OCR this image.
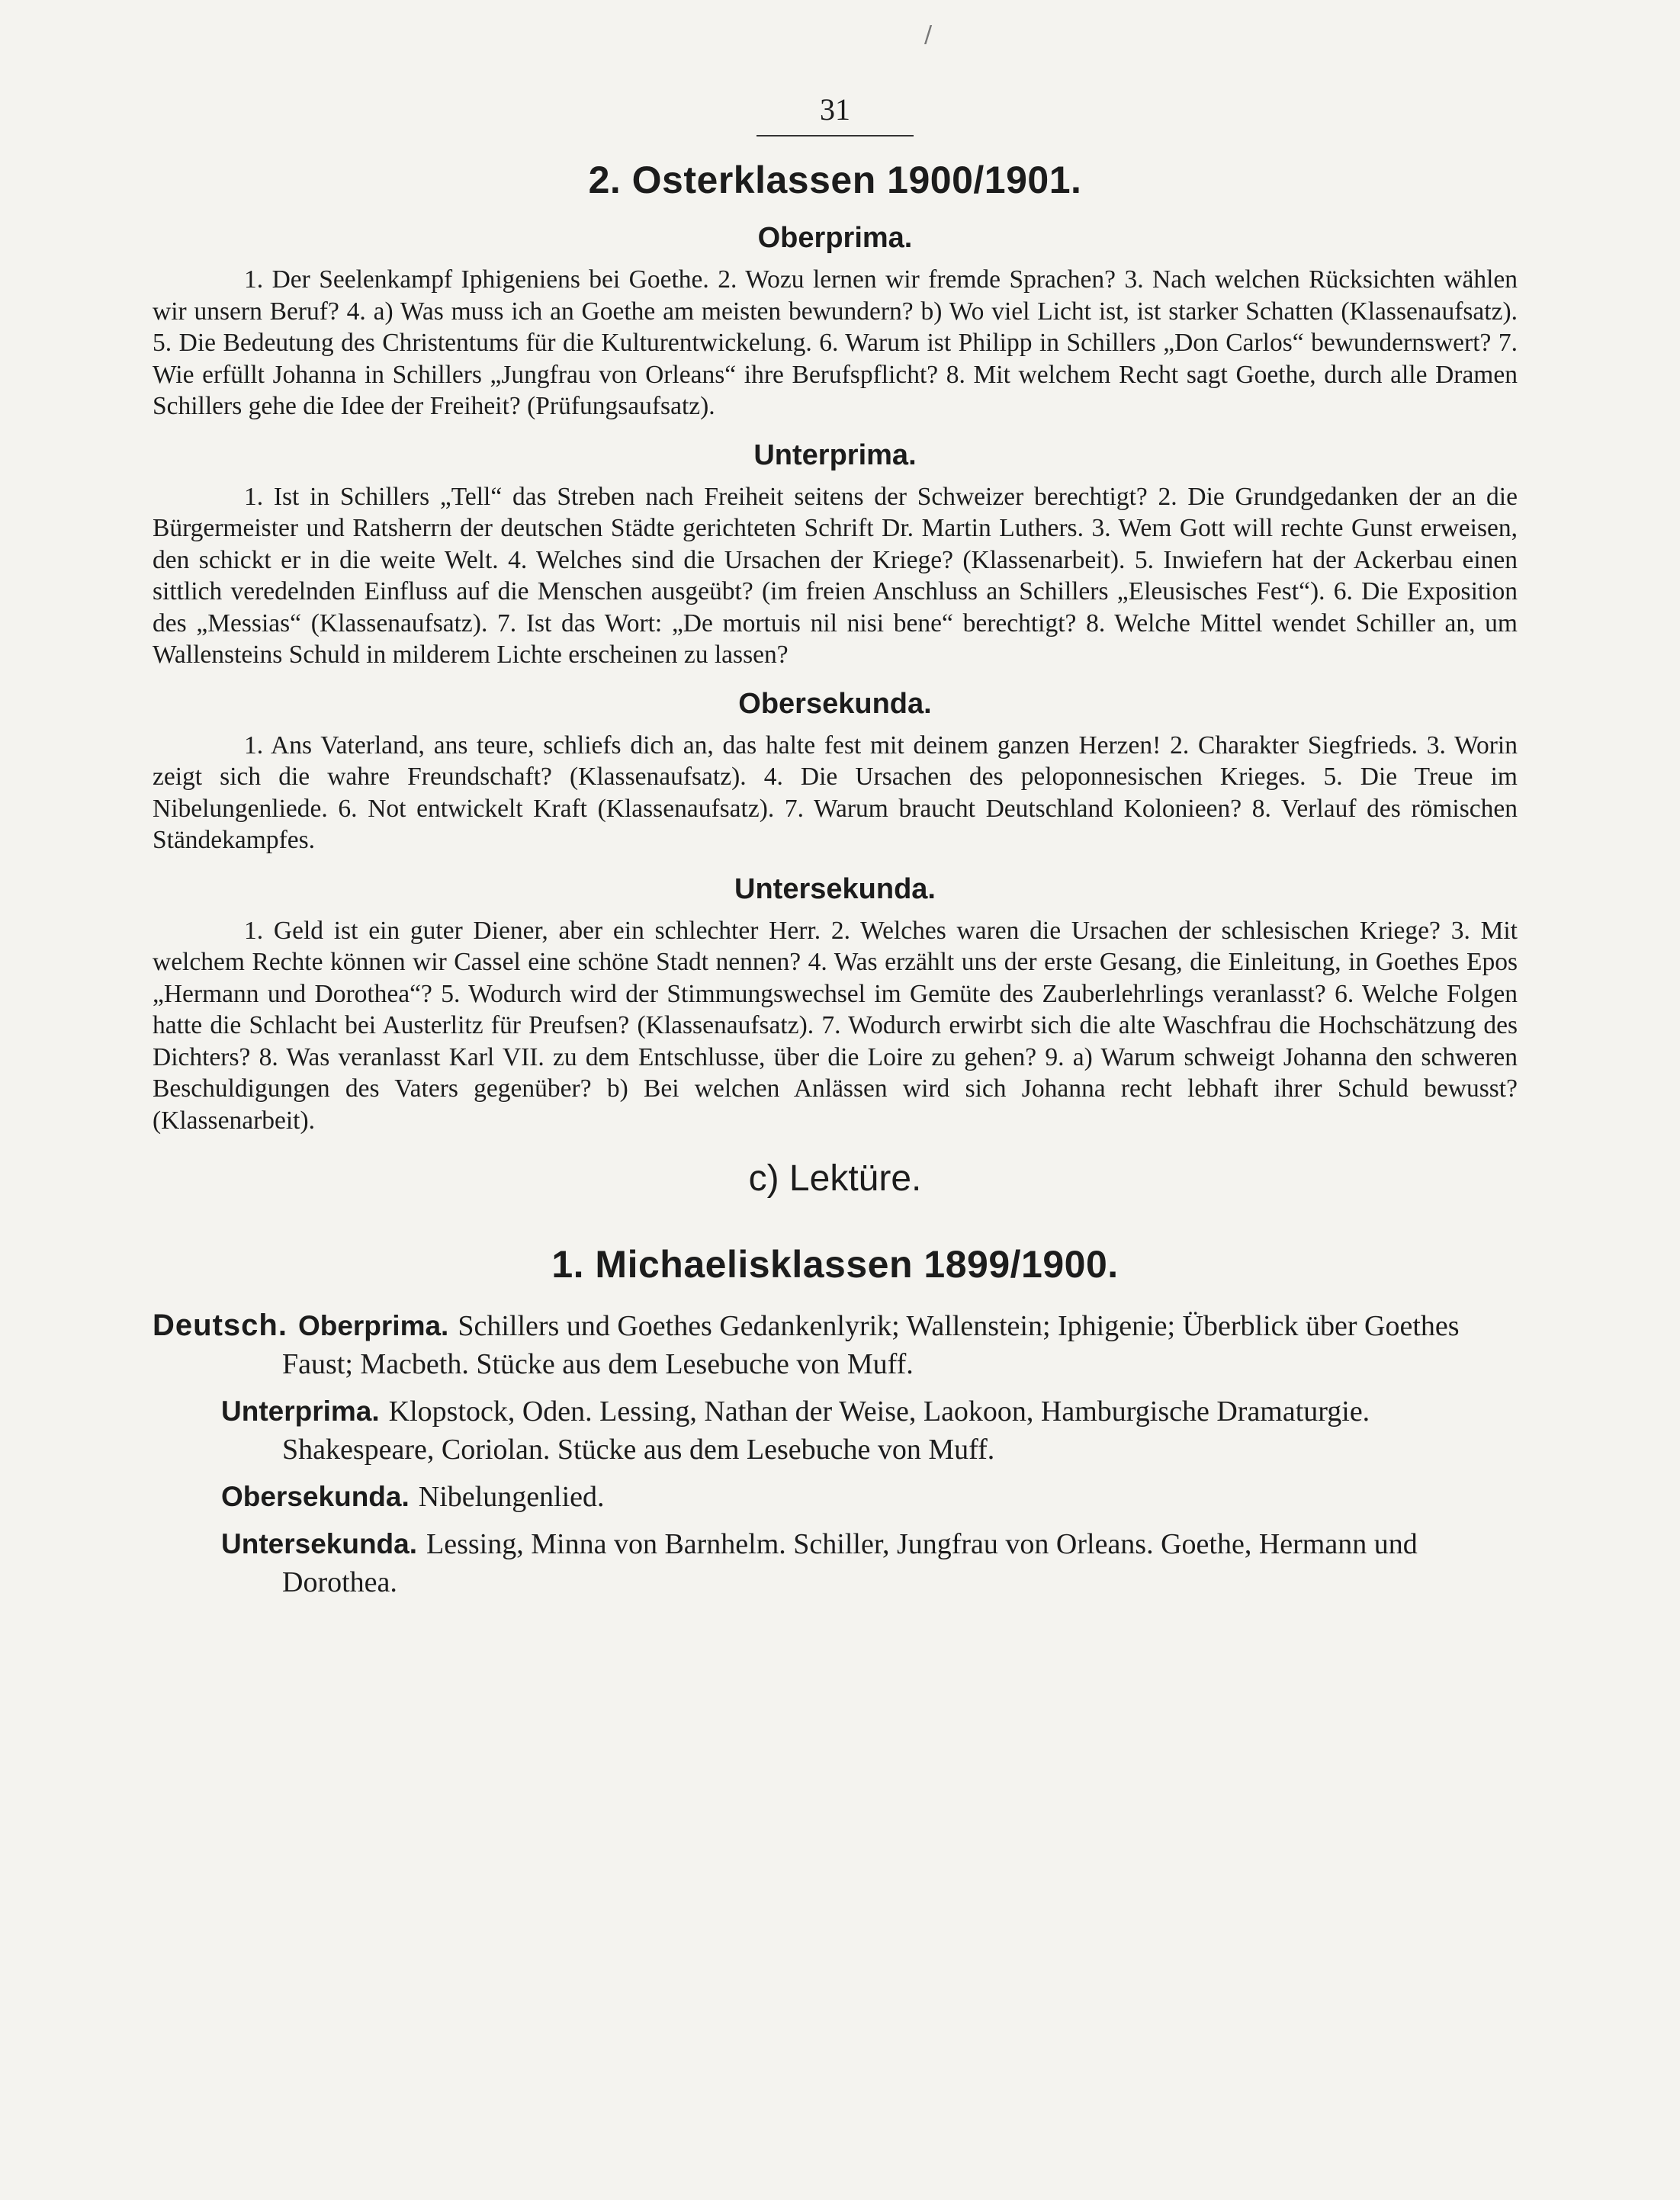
/
31
2. Osterklassen 1900/1901.
Oberprima.

1. Der Seelenkampf Iphigeniens bei Goethe. 2. Wozu lernen wir fremde Sprachen? 3. Nach welchen Rücksichten wählen wir unsern Beruf? 4. a) Was muss ich an Goethe am meisten bewundern? b) Wo viel Licht ist, ist starker Schatten (Klassenaufsatz). 5. Die Bedeutung des Christentums für die Kulturentwickelung. 6. Warum ist Philipp in Schillers „Don Carlos“ bewundernswert? 7. Wie erfüllt Johanna in Schillers „Jungfrau von Orleans“ ihre Berufspflicht? 8. Mit welchem Recht sagt Goethe, durch alle Dramen Schillers gehe die Idee der Freiheit? (Prüfungsaufsatz).

Unterprima.

1. Ist in Schillers „Tell“ das Streben nach Freiheit seitens der Schweizer berechtigt? 2. Die Grundgedanken der an die Bürgermeister und Ratsherrn der deutschen Städte gerichteten Schrift Dr. Martin Luthers. 3. Wem Gott will rechte Gunst erweisen, den schickt er in die weite Welt. 4. Welches sind die Ursachen der Kriege? (Klassenarbeit). 5. Inwiefern hat der Ackerbau einen sittlich veredelnden Einfluss auf die Menschen ausgeübt? (im freien Anschluss an Schillers „Eleusisches Fest“). 6. Die Exposition des „Messias“ (Klassenaufsatz). 7. Ist das Wort: „De mortuis nil nisi bene“ berechtigt? 8. Welche Mittel wendet Schiller an, um Wallensteins Schuld in milderem Lichte erscheinen zu lassen?

Obersekunda.

1. Ans Vaterland, ans teure, schliefs dich an, das halte fest mit deinem ganzen Herzen! 2. Charakter Siegfrieds. 3. Worin zeigt sich die wahre Freundschaft? (Klassenaufsatz). 4. Die Ursachen des peloponnesischen Krieges. 5. Die Treue im Nibelungenliede. 6. Not entwickelt Kraft (Klassenaufsatz). 7. Warum braucht Deutschland Kolonieen? 8. Verlauf des römischen Ständekampfes.

Untersekunda.

1. Geld ist ein guter Diener, aber ein schlechter Herr. 2. Welches waren die Ursachen der schlesischen Kriege? 3. Mit welchem Rechte können wir Cassel eine schöne Stadt nennen? 4. Was erzählt uns der erste Gesang, die Einleitung, in Goethes Epos „Hermann und Dorothea“? 5. Wodurch wird der Stimmungswechsel im Gemüte des Zauberlehrlings veranlasst? 6. Welche Folgen hatte die Schlacht bei Austerlitz für Preufsen? (Klassenaufsatz). 7. Wodurch erwirbt sich die alte Waschfrau die Hochschätzung des Dichters? 8. Was veranlasst Karl VII. zu dem Entschlusse, über die Loire zu gehen? 9. a) Warum schweigt Johanna den schweren Beschuldigungen des Vaters gegenüber? b) Bei welchen Anlässen wird sich Johanna recht lebhaft ihrer Schuld bewusst? (Klassenarbeit).

c) Lektüre.
1. Michaelisklassen 1899/1900.
Deutsch. Oberprima. Schillers und Goethes Gedankenlyrik; Wallenstein; Iphigenie; Überblick über Goethes Faust; Macbeth. Stücke aus dem Lesebuche von Muff.
Unterprima. Klopstock, Oden. Lessing, Nathan der Weise, Laokoon, Hamburgische Dramaturgie. Shakespeare, Coriolan. Stücke aus dem Lesebuche von Muff.
Obersekunda. Nibelungenlied.
Untersekunda. Lessing, Minna von Barnhelm. Schiller, Jungfrau von Orleans. Goethe, Hermann und Dorothea.
